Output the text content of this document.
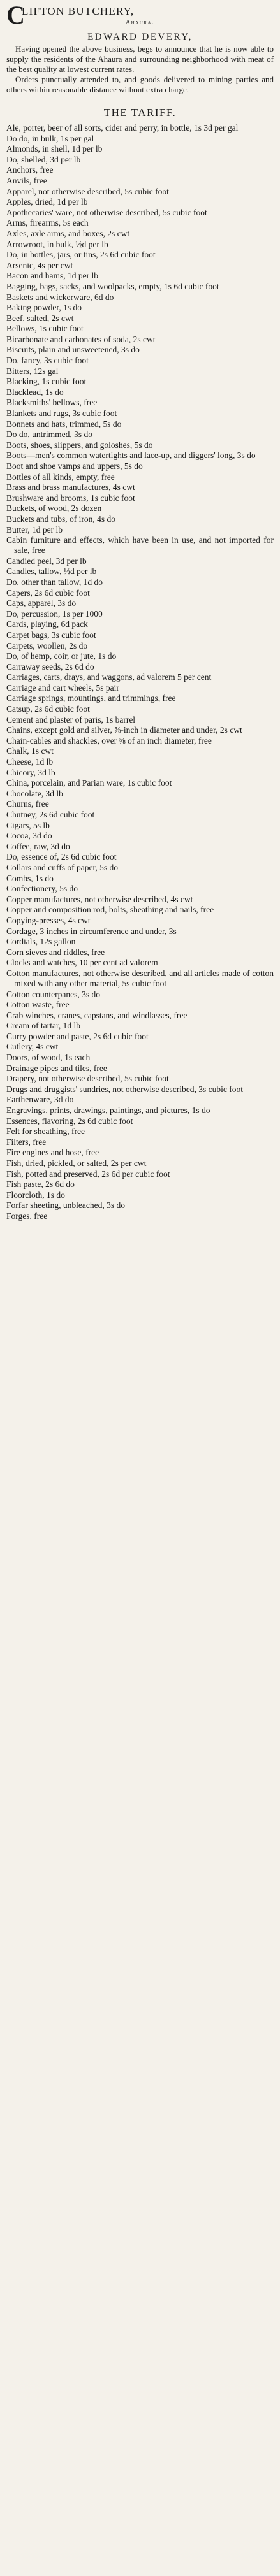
C
LIFTON BUTCHERY,
Ahaura.
EDWARD DEVERY,

Having opened the above business, begs to announce that he is now able to supply the residents of the Ahaura and surrounding neighborhood with meat of the best quality at lowest current rates.

Orders punctually attended to, and goods delivered to mining parties and others within reasonable distance without extra charge.

THE TARIFF.
Ale, porter, beer of all sorts, cider and perry, in bottle, 1s 3d per gal
Do do, in bulk, 1s per gal
Almonds, in shell, 1d per lb
Do, shelled, 3d per lb
Anchors, free
Anvils, free
Apparel, not otherwise described, 5s cubic foot
Apples, dried, 1d per lb
Apothecaries' ware, not otherwise described, 5s cubic foot
Arms, firearms, 5s each
Axles, axle arms, and boxes, 2s cwt
Arrowroot, in bulk, ½d per lb
Do, in bottles, jars, or tins, 2s 6d cubic foot
Arsenic, 4s per cwt
Bacon and hams, 1d per lb
Bagging, bags, sacks, and woolpacks, empty, 1s 6d cubic foot
Baskets and wickerware, 6d do
Baking powder, 1s do
Beef, salted, 2s cwt
Bellows, 1s cubic foot
Bicarbonate and carbonates of soda, 2s cwt
Biscuits, plain and unsweetened, 3s do
Do, fancy, 3s cubic foot
Bitters, 12s gal
Blacking, 1s cubic foot
Blacklead, 1s do
Blacksmiths' bellows, free
Blankets and rugs, 3s cubic foot
Bonnets and hats, trimmed, 5s do
Do do, untrimmed, 3s do
Boots, shoes, slippers, and goloshes, 5s do
Boots—men's common watertights and lace-up, and diggers' long, 3s do
Boot and shoe vamps and uppers, 5s do
Bottles of all kinds, empty, free
Brass and brass manufactures, 4s cwt
Brushware and brooms, 1s cubic foot
Buckets, of wood, 2s dozen
Buckets and tubs, of iron, 4s do
Butter, 1d per lb
Cabin furniture and effects, which have been in use, and not imported for sale, free
Candied peel, 3d per lb
Candles, tallow, ½d per lb
Do, other than tallow, 1d do
Capers, 2s 6d cubic foot
Caps, apparel, 3s do
Do, percussion, 1s per 1000
Cards, playing, 6d pack
Carpet bags, 3s cubic foot
Carpets, woollen, 2s do
Do, of hemp, coir, or jute, 1s do
Carraway seeds, 2s 6d do
Carriages, carts, drays, and waggons, ad valorem 5 per cent
Carriage and cart wheels, 5s pair
Carriage springs, mountings, and trimmings, free
Catsup, 2s 6d cubic foot
Cement and plaster of paris, 1s barrel
Chains, except gold and silver, ⅝-inch in diameter and under, 2s cwt
Chain-cables and shackles, over ⅝ of an inch diameter, free
Chalk, 1s cwt
Cheese, 1d lb
Chicory, 3d lb
China, porcelain, and Parian ware, 1s cubic foot
Chocolate, 3d lb
Churns, free
Chutney, 2s 6d cubic foot
Cigars, 5s lb
Cocoa, 3d do
Coffee, raw, 3d do
Do, essence of, 2s 6d cubic foot
Collars and cuffs of paper, 5s do
Combs, 1s do
Confectionery, 5s do
Copper manufactures, not otherwise described, 4s cwt
Copper and composition rod, bolts, sheathing and nails, free
Copying-presses, 4s cwt
Cordage, 3 inches in circumference and under, 3s
Cordials, 12s gallon
Corn sieves and riddles, free
Clocks and watches, 10 per cent ad valorem
Cotton manufactures, not otherwise described, and all articles made of cotton mixed with any other material, 5s cubic foot
Cotton counterpanes, 3s do
Cotton waste, free
Crab winches, cranes, capstans, and windlasses, free
Cream of tartar, 1d lb
Curry powder and paste, 2s 6d cubic foot
Cutlery, 4s cwt
Doors, of wood, 1s each
Drainage pipes and tiles, free
Drapery, not otherwise described, 5s cubic foot
Drugs and druggists' sundries, not otherwise described, 3s cubic foot
Earthenware, 3d do
Engravings, prints, drawings, paintings, and pictures, 1s do
Essences, flavoring, 2s 6d cubic foot
Felt for sheathing, free
Filters, free
Fire engines and hose, free
Fish, dried, pickled, or salted, 2s per cwt
Fish, potted and preserved, 2s 6d per cubic foot
Fish paste, 2s 6d do
Floorcloth, 1s do
Forfar sheeting, unbleached, 3s do
Forges, free
